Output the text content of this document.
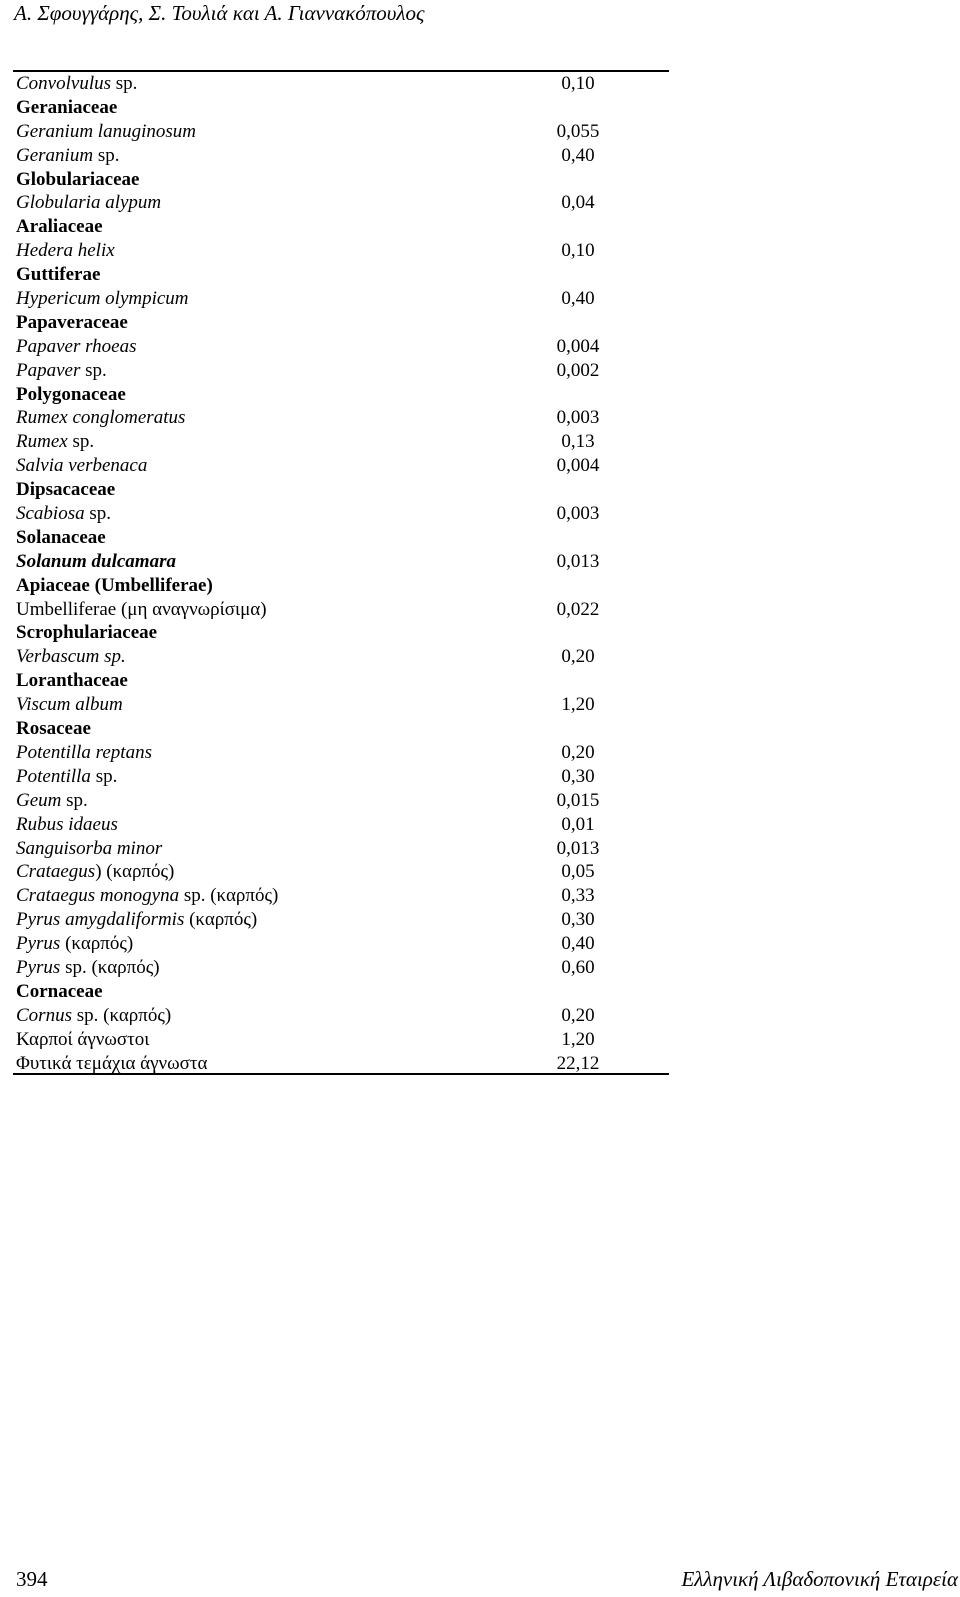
Α. Σφουγγάρης, Σ. Τουλιά και Α. Γιαννακόπουλος
Convolvulus sp.	0,10
Geraniaceae
Geranium lanuginosum	0,055
Geranium sp.	0,40
Globulariaceae
Globularia alypum	0,04
Araliaceae
Hedera helix	0,10
Guttiferae
Hypericum olympicum	0,40
Papaveraceae
Papaver rhoeas	0,004
Papaver sp.	0,002
Polygonaceae
Rumex conglomeratus	0,003
Rumex sp.	0,13
Salvia verbenaca	0,004
Dipsacaceae
Scabiosa sp.	0,003
Solanaceae
Solanum dulcamara	0,013
Apiaceae (Umbelliferae)
Umbelliferae (μη αναγνωρίσιμα)	0,022
Scrophulariaceae
Verbascum sp.	0,20
Loranthaceae
Viscum album	1,20
Rosaceae
Potentilla reptans	0,20
Potentilla sp.	0,30
Geum sp.	0,015
Rubus idaeus	0,01
Sanguisorba minor	0,013
Crataegus) (καρπός)	0,05
Crataegus monogyna sp. (καρπός)	0,33
Pyrus amygdaliformis (καρπός)	0,30
Pyrus (καρπός)	0,40
Pyrus sp. (καρπός)	0,60
Cornaceae
Cornus sp. (καρπός)	0,20
Καρποί άγνωστοι	1,20
Φυτικά τεμάχια άγνωστα	22,12
394	Ελληνική Λιβαδοπονική Εταιρεία
